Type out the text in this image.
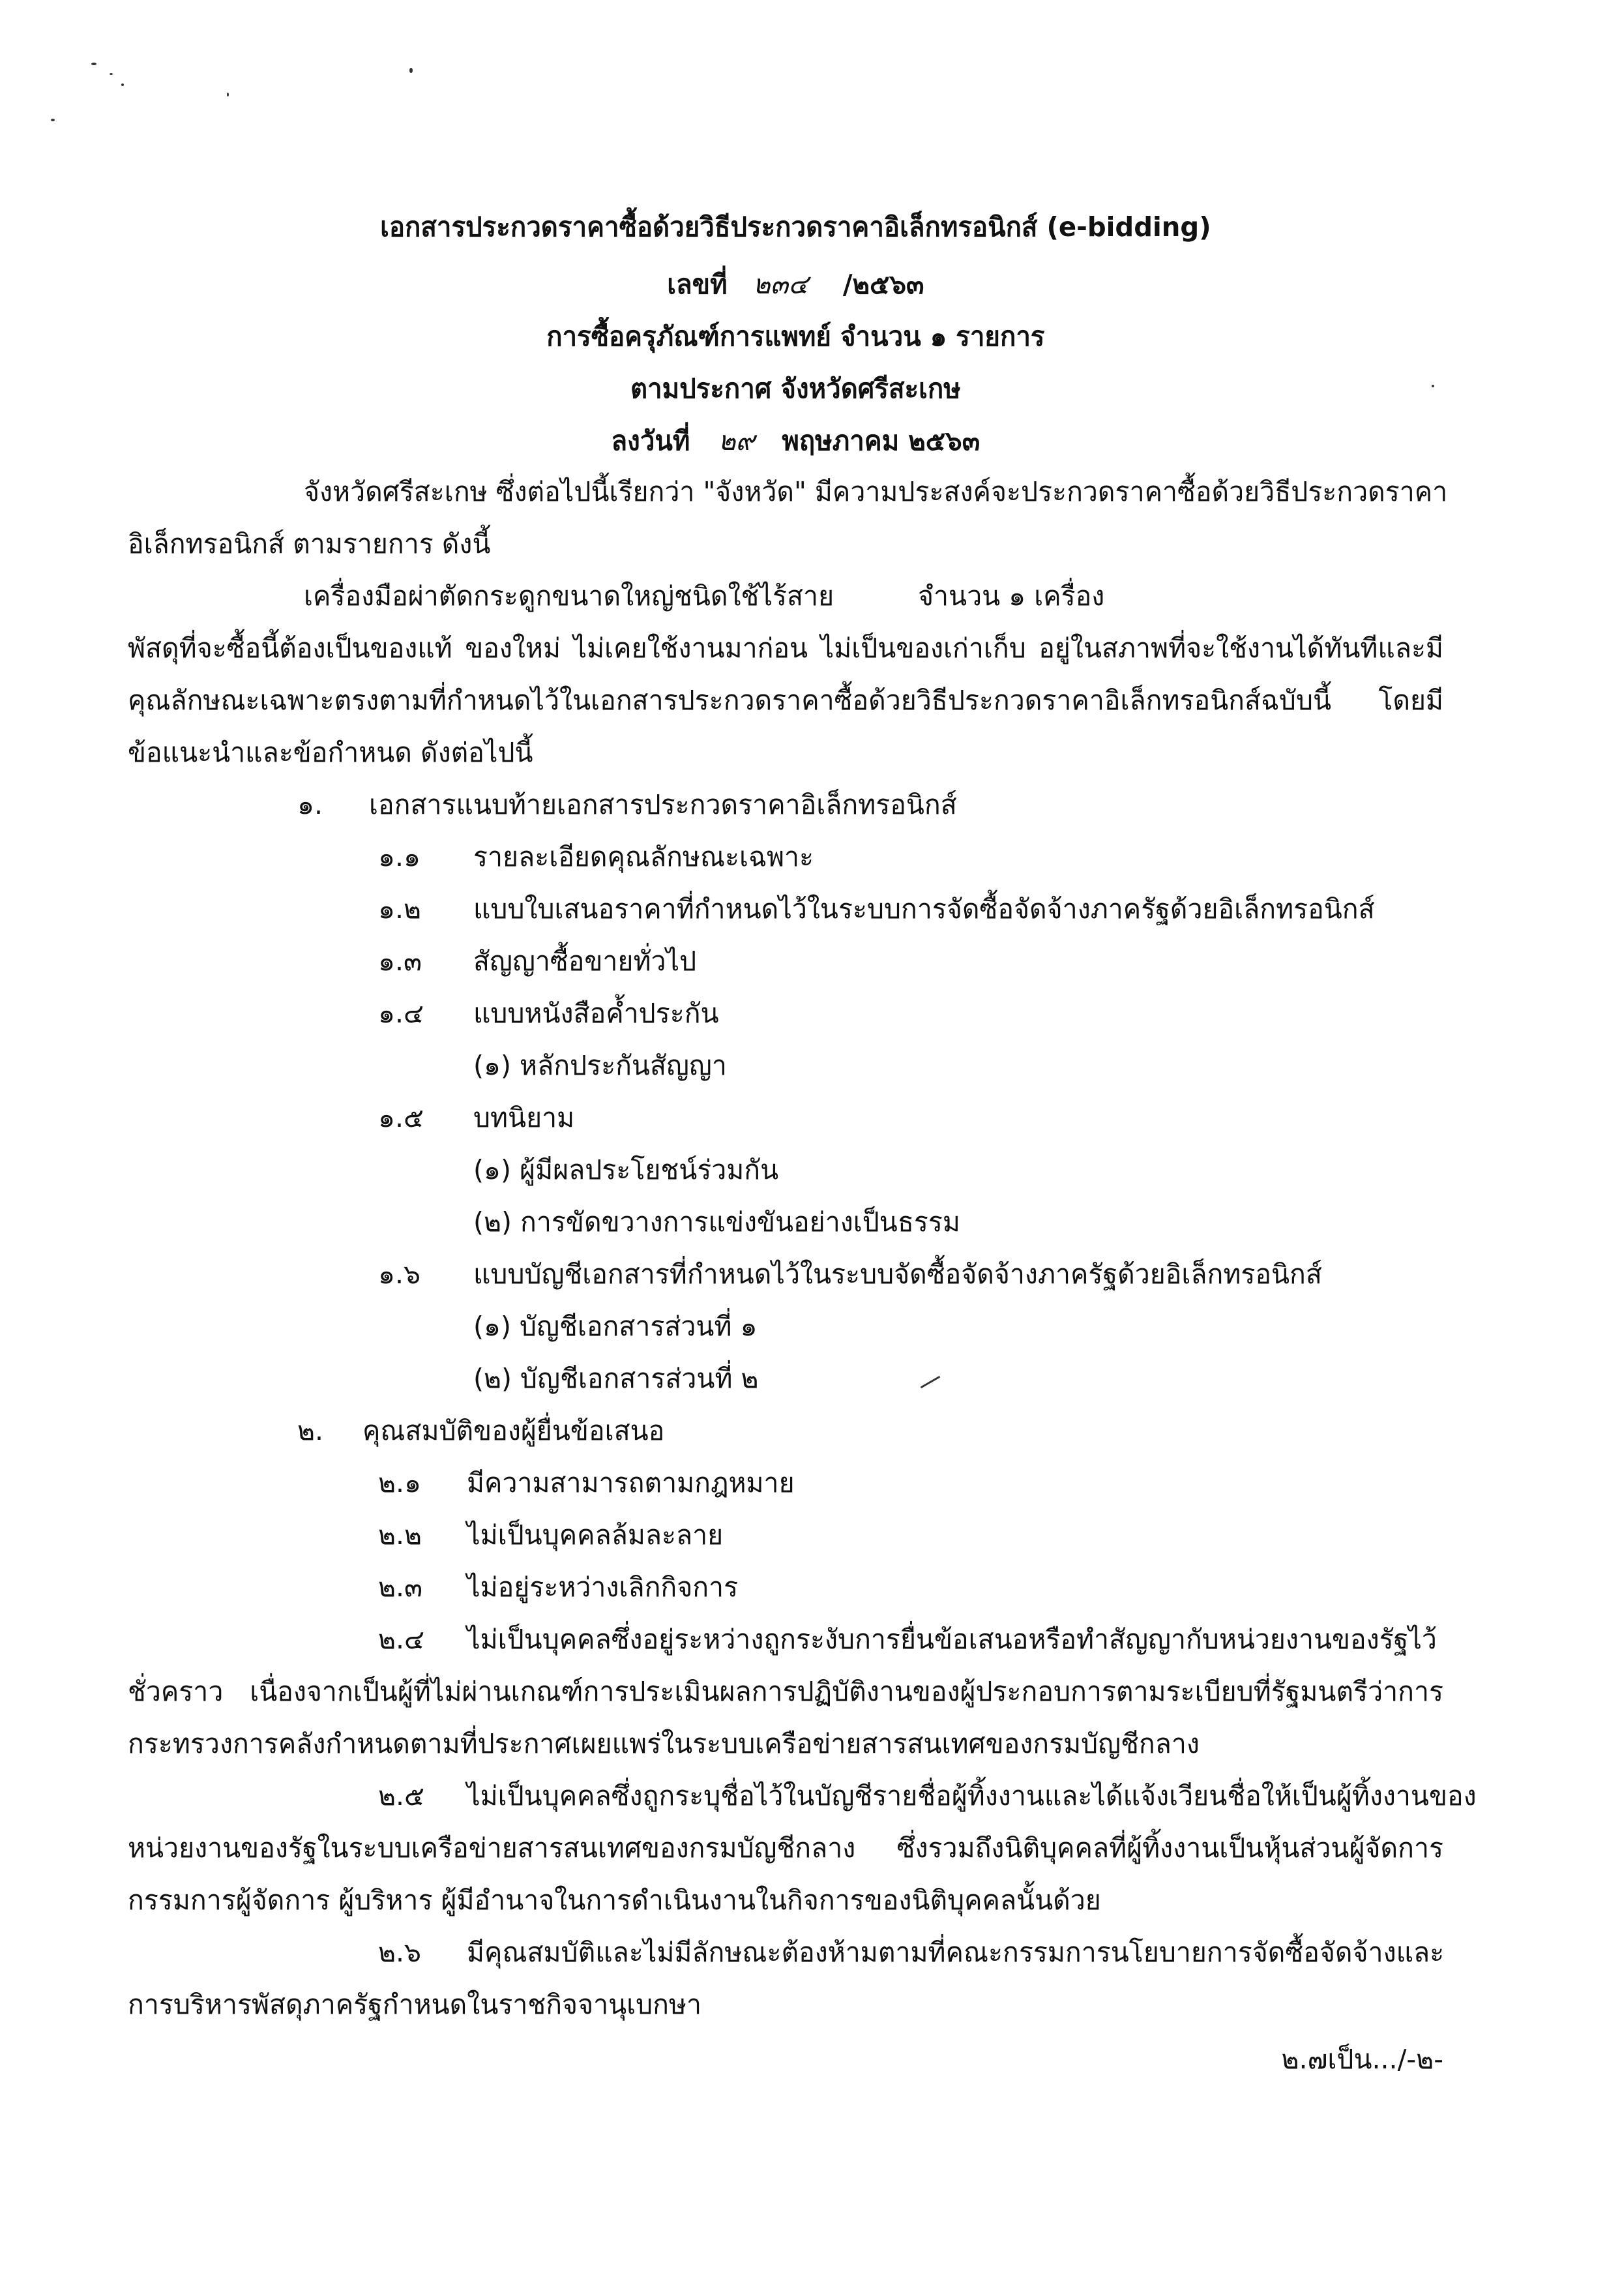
เอกสารประกวดราคาซื้อด้วยวิธีประกวดราคาอิเล็กทรอนิกส์ (e-bidding)
เลขที่ ๒๓๔ /๒๕๖๓
การซื้อครุภัณฑ์การแพทย์ จำนวน ๑ รายการ
ตามประกาศ จังหวัดศรีสะเกษ
ลงวันที่ ๒๙ พฤษภาคม ๒๕๖๓
จังหวัดศรีสะเกษ ซึ่งต่อไปนี้เรียกว่า "จังหวัด" มีความประสงค์จะประกวดราคาซื้อด้วยวิธีประกวดราคา
อิเล็กทรอนิกส์ ตามรายการ ดังนี้
เครื่องมือผ่าตัดกระดูกขนาดใหญ่ชนิดใช้ไร้สาย	จำนวน ๑ เครื่อง
พัสดุที่จะซื้อนี้ต้องเป็นของแท้ ของใหม่ ไม่เคยใช้งานมาก่อน ไม่เป็นของเก่าเก็บ อยู่ในสภาพที่จะใช้งานได้ทันทีและมี
คุณลักษณะเฉพาะตรงตามที่กำหนดไว้ในเอกสารประกวดราคาซื้อด้วยวิธีประกวดราคาอิเล็กทรอนิกส์ฉบับนี้ โดยมี
ข้อแนะนำและข้อกำหนด ดังต่อไปนี้
๑. เอกสารแนบท้ายเอกสารประกวดราคาอิเล็กทรอนิกส์
๑.๑ รายละเอียดคุณลักษณะเฉพาะ
๑.๒ แบบใบเสนอราคาที่กำหนดไว้ในระบบการจัดซื้อจัดจ้างภาครัฐด้วยอิเล็กทรอนิกส์
๑.๓ สัญญาซื้อขายทั่วไป
๑.๔ แบบหนังสือค้ำประกัน
(๑) หลักประกันสัญญา
๑.๕ บทนิยาม
(๑) ผู้มีผลประโยชน์ร่วมกัน
(๒) การขัดขวางการแข่งขันอย่างเป็นธรรม
๑.๖ แบบบัญชีเอกสารที่กำหนดไว้ในระบบจัดซื้อจัดจ้างภาครัฐด้วยอิเล็กทรอนิกส์
(๑) บัญชีเอกสารส่วนที่ ๑
(๒) บัญชีเอกสารส่วนที่ ๒
๒. คุณสมบัติของผู้ยื่นข้อเสนอ
๒.๑ มีความสามารถตามกฎหมาย
๒.๒ ไม่เป็นบุคคลล้มละลาย
๒.๓ ไม่อยู่ระหว่างเลิกกิจการ
๒.๔ ไม่เป็นบุคคลซึ่งอยู่ระหว่างถูกระงับการยื่นข้อเสนอหรือทำสัญญากับหน่วยงานของรัฐไว้
ชั่วคราว เนื่องจากเป็นผู้ที่ไม่ผ่านเกณฑ์การประเมินผลการปฏิบัติงานของผู้ประกอบการตามระเบียบที่รัฐมนตรีว่าการ
กระทรวงการคลังกำหนดตามที่ประกาศเผยแพร่ในระบบเครือข่ายสารสนเทศของกรมบัญชีกลาง
๒.๕ ไม่เป็นบุคคลซึ่งถูกระบุชื่อไว้ในบัญชีรายชื่อผู้ทิ้งงานและได้แจ้งเวียนชื่อให้เป็นผู้ทิ้งงานของ
หน่วยงานของรัฐในระบบเครือข่ายสารสนเทศของกรมบัญชีกลาง ซึ่งรวมถึงนิติบุคคลที่ผู้ทิ้งงานเป็นหุ้นส่วนผู้จัดการ
กรรมการผู้จัดการ ผู้บริหาร ผู้มีอำนาจในการดำเนินงานในกิจการของนิติบุคคลนั้นด้วย
๒.๖ มีคุณสมบัติและไม่มีลักษณะต้องห้ามตามที่คณะกรรมการนโยบายการจัดซื้อจัดจ้างและ
การบริหารพัสดุภาครัฐกำหนดในราชกิจจานุเบกษา
๒.๗เป็น.../-๒-
